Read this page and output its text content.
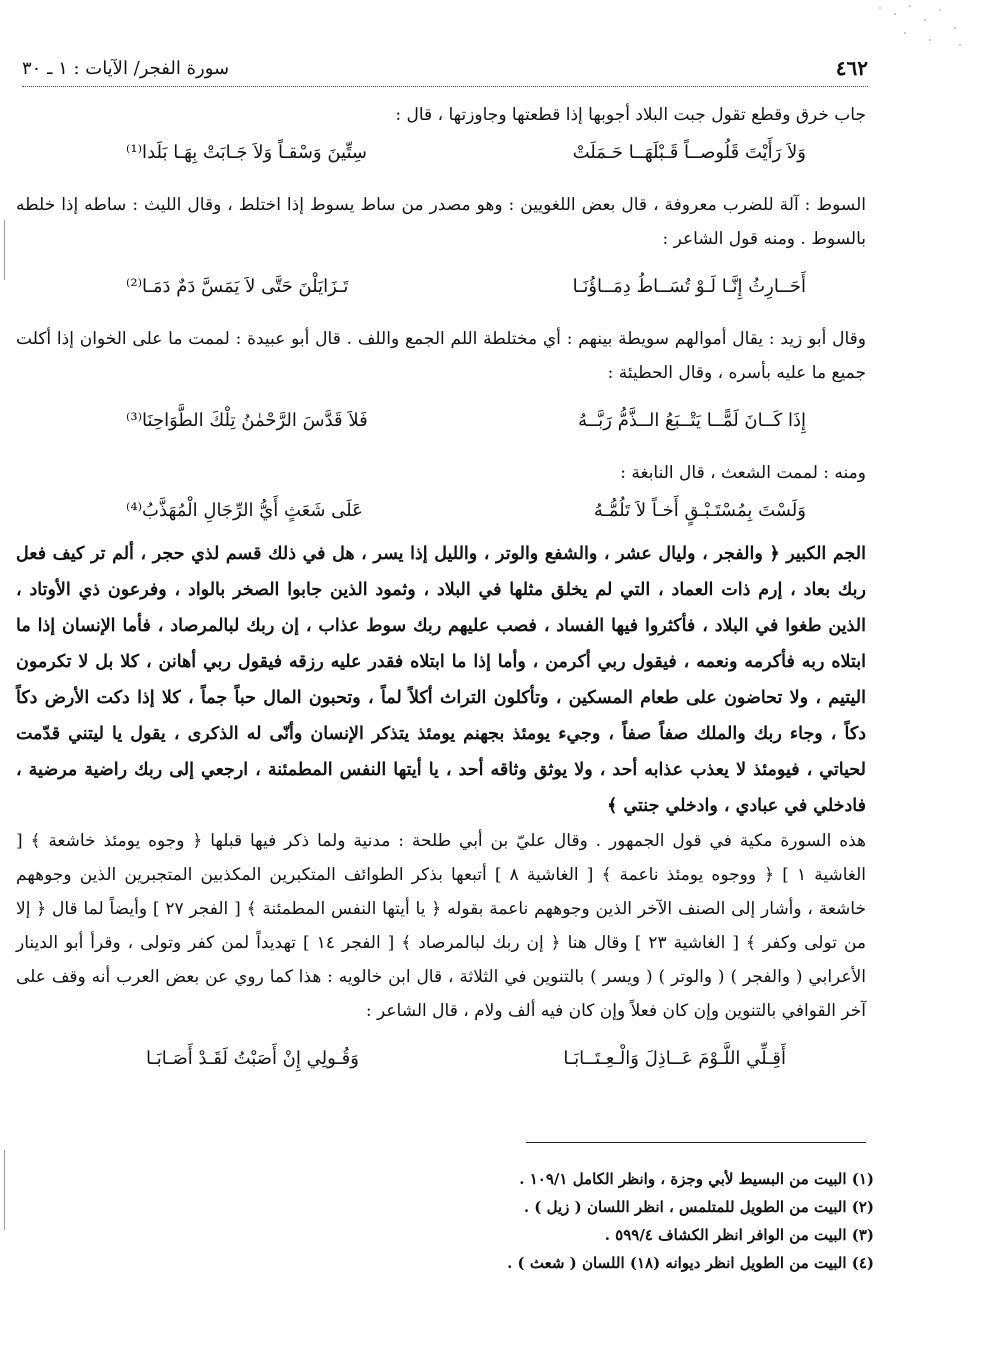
٤٦٢
سورة الفجر/ الآيات : ١ ـ ٣٠

جاب خرق وقطع تقول جبت البلاد أجوبها إذا قطعتها وجاوزتها ، قال :

وَلاَ رَأَيْتَ قَلُوصــاً قَـبْلَهَــا حَـمَلَتْ
سِتِّينَ وَسْقـاً وَلاَ جَـابَتْ بِهَـا بَلَدا⁽¹⁾

السوط : آلة للضرب معروفة ، قال بعض اللغويين : وهو مصدر من ساط يسوط إذا اختلط ، وقال الليث : ساطه إذا خلطه بالسوط . ومنه قول الشاعر :

أَحَــارِثُ إِنَّـا لَـوْ تُسَــاطُ دِمَــاؤُنَـا
تَـزَايَلْنَ حَتَّى لاَ يَمَسَّ دَمٌ دَمَـا⁽²⁾

وقال أبو زيد : يقال أموالهم سويطة بينهم : أي مختلطة اللم الجمع واللف . قال أبو عبيدة : لممت ما على الخوان إذا أكلت جميع ما عليه بأسره ، وقال الحطيئة :

إِذَا كَــانَ لَمًّــا يَتْــبَعُ الــذَّمُّ رَبَّــهُ
فَلاَ قَدَّسَ الرَّحْمٰنُ تِلْكَ الطَّوَاحِنَا⁽³⁾

ومنه : لممت الشعث ، قال النابغة :

وَلَسْتَ بِمُسْتَـبْـقٍ أَخـاً لاَ تَلُمُّـهُ
عَلَى شَعَثٍ أَيُّ الرِّجَالِ الْمُهَذَّبُ⁽⁴⁾

الجم الكبير ﴿ والفجر ، وليال عشر ، والشفع والوتر ، والليل إذا يسر ، هل في ذلك قسم لذي حجر ، ألم تر كيف فعل ربك بعاد ، إرم ذات العماد ، التي لم يخلق مثلها في البلاد ، وثمود الذين جابوا الصخر بالواد ، وفرعون ذي الأوتاد ، الذين طغوا في البلاد ، فأكثروا فيها الفساد ، فصب عليهم ربك سوط عذاب ، إن ربك لبالمرصاد ، فأما الإنسان إذا ما ابتلاه ربه فأكرمه ونعمه ، فيقول ربي أكرمن ، وأما إذا ما ابتلاه فقدر عليه رزقه فيقول ربي أهانن ، كلا بل لا تكرمون اليتيم ، ولا تحاضون على طعام المسكين ، وتأكلون التراث أكلاً لماً ، وتحبون المال حباً جماً ، كلا إذا دكت الأرض دكاً دكاً ، وجاء ربك والملك صفاً صفاً ، وجيء يومئذ بجهنم يومئذ يتذكر الإنسان وأنّى له الذكرى ، يقول يا ليتني قدّمت لحياتي ، فيومئذ لا يعذب عذابه أحد ، ولا يوثق وثاقه أحد ، يا أيتها النفس المطمئنة ، ارجعي إلى ربك راضية مرضية ، فادخلي في عبادي ، وادخلي جنتي ﴾

هذه السورة مكية في قول الجمهور . وقال عليّ بن أبي طلحة : مدنية ولما ذكر فيها قبلها ﴿ وجوه يومئذ خاشعة ﴾ [ الغاشية ١ ] ﴿ ووجوه يومئذ ناعمة ﴾ [ الغاشية ٨ ] أتبعها بذكر الطوائف المتكبرين المكذبين المتجبرين الذين وجوههم خاشعة ، وأشار إلى الصنف الآخر الذين وجوههم ناعمة بقوله ﴿ يا أيتها النفس المطمئنة ﴾ [ الفجر ٢٧ ] وأيضاً لما قال ﴿ إلا من تولى وكفر ﴾ [ الغاشية ٢٣ ] وقال هنا ﴿ إن ربك لبالمرصاد ﴾ [ الفجر ١٤ ] تهديداً لمن كفر وتولى ، وقرأ أبو الدينار الأعرابي ( والفجر ) ( والوتر ) ( ويسر ) بالتنوين في الثلاثة ، قال ابن خالويه : هذا كما روي عن بعض العرب أنه وقف على آخر القوافي بالتنوين وإن كان فعلاً وإن كان فيه ألف ولام ، قال الشاعر :

أَقِـلِّي اللَّـوْمَ عَــاذِلَ وَالْـعِـتَــابَـا
وَقُـولِي إِنْ أَصَبْتُ لَقَـدْ أَصَـابَـا
(١) البيت من البسيط لأبي وجزة ، وانظر الكامل ١٠٩/١ .
(٢) البيت من الطويل للمتلمس ، انظر اللسان ( زيل ) .
(٣) البيت من الوافر انظر الكشاف ٥٩٩/٤ .
(٤) البيت من الطويل انظر ديوانه (١٨) اللسان ( شعث ) .
